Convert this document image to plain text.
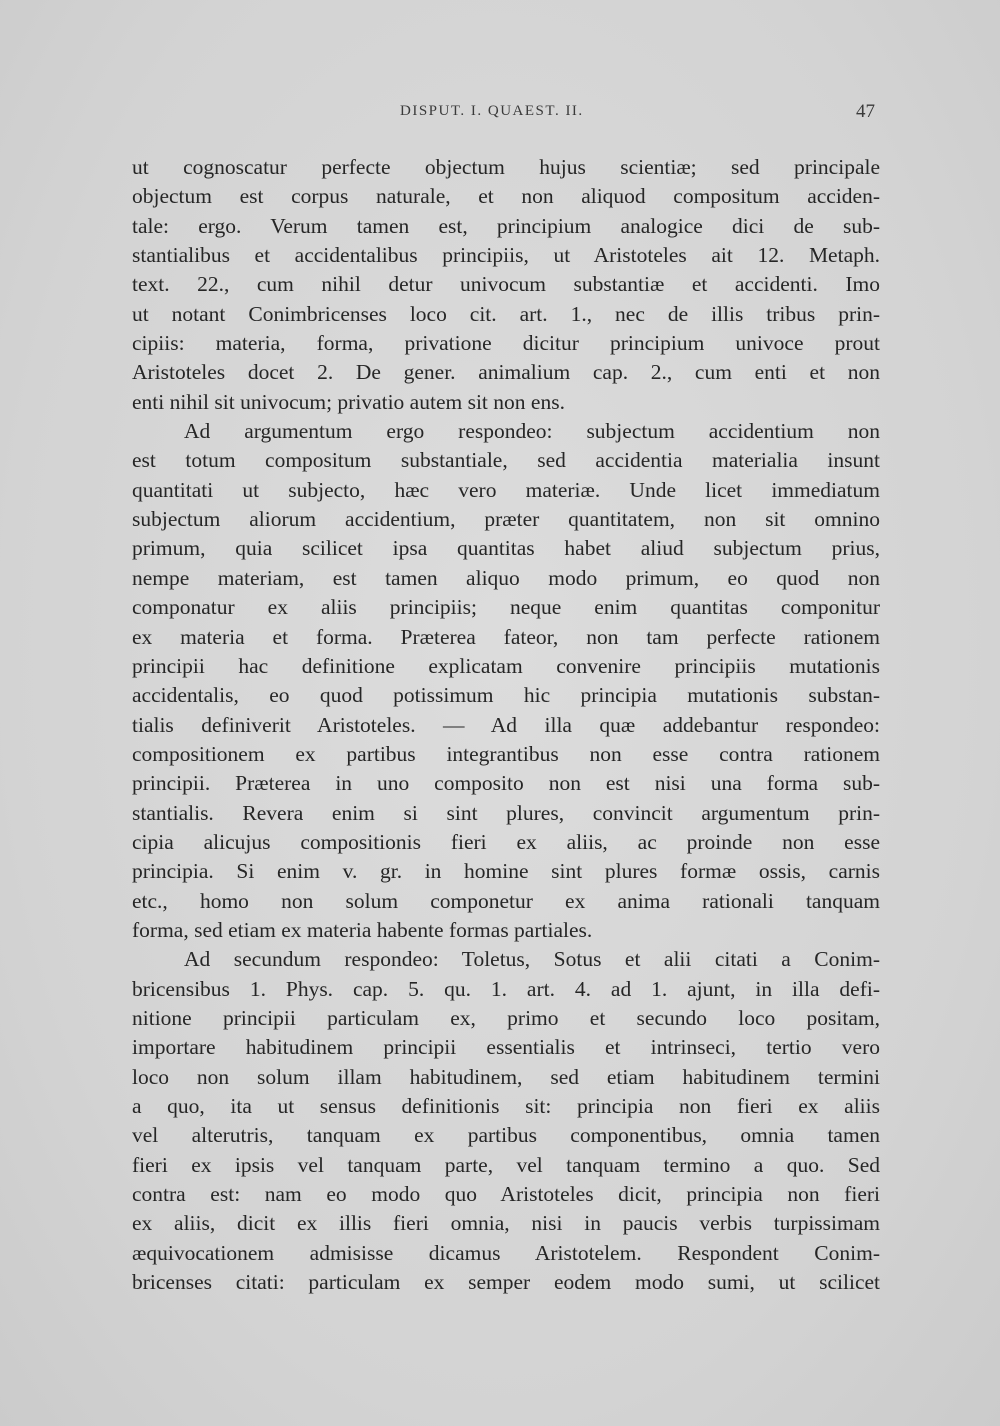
DISPUT. I. QUAEST. II.	47
ut cognoscatur perfecte objectum hujus scientiæ; sed principale
objectum est corpus naturale, et non aliquod compositum acciden-
tale: ergo. Verum tamen est, principium analogice dici de sub-
stantialibus et accidentalibus principiis, ut Aristoteles ait 12. Metaph.
text. 22., cum nihil detur univocum substantiæ et accidenti. Imo
ut notant Conimbricenses loco cit. art. 1., nec de illis tribus prin-
cipiis: materia, forma, privatione dicitur principium univoce prout
Aristoteles docet 2. De gener. animalium cap. 2., cum enti et non
enti nihil sit univocum; privatio autem sit non ens.
Ad argumentum ergo respondeo: subjectum accidentium non
est totum compositum substantiale, sed accidentia materialia insunt
quantitati ut subjecto, hæc vero materiæ. Unde licet immediatum
subjectum aliorum accidentium, præter quantitatem, non sit omnino
primum, quia scilicet ipsa quantitas habet aliud subjectum prius,
nempe materiam, est tamen aliquo modo primum, eo quod non
componatur ex aliis principiis; neque enim quantitas componitur
ex materia et forma. Præterea fateor, non tam perfecte rationem
principii hac definitione explicatam convenire principiis mutationis
accidentalis, eo quod potissimum hic principia mutationis substan-
tialis definiverit Aristoteles. — Ad illa quæ addebantur respondeo:
compositionem ex partibus integrantibus non esse contra rationem
principii. Præterea in uno composito non est nisi una forma sub-
stantialis. Revera enim si sint plures, convincit argumentum prin-
cipia alicujus compositionis fieri ex aliis, ac proinde non esse
principia. Si enim v. gr. in homine sint plures formæ ossis, carnis
etc., homo non solum componetur ex anima rationali tanquam
forma, sed etiam ex materia habente formas partiales.
Ad secundum respondeo: Toletus, Sotus et alii citati a Conim-
bricensibus 1. Phys. cap. 5. qu. 1. art. 4. ad 1. ajunt, in illa defi-
nitione principii particulam ex, primo et secundo loco positam,
importare habitudinem principii essentialis et intrinseci, tertio vero
loco non solum illam habitudinem, sed etiam habitudinem termini
a quo, ita ut sensus definitionis sit: principia non fieri ex aliis
vel alterutris, tanquam ex partibus componentibus, omnia tamen
fieri ex ipsis vel tanquam parte, vel tanquam termino a quo. Sed
contra est: nam eo modo quo Aristoteles dicit, principia non fieri
ex aliis, dicit ex illis fieri omnia, nisi in paucis verbis turpissimam
æquivocationem admisisse dicamus Aristotelem. Respondent Conim-
bricenses citati: particulam ex semper eodem modo sumi, ut scilicet
